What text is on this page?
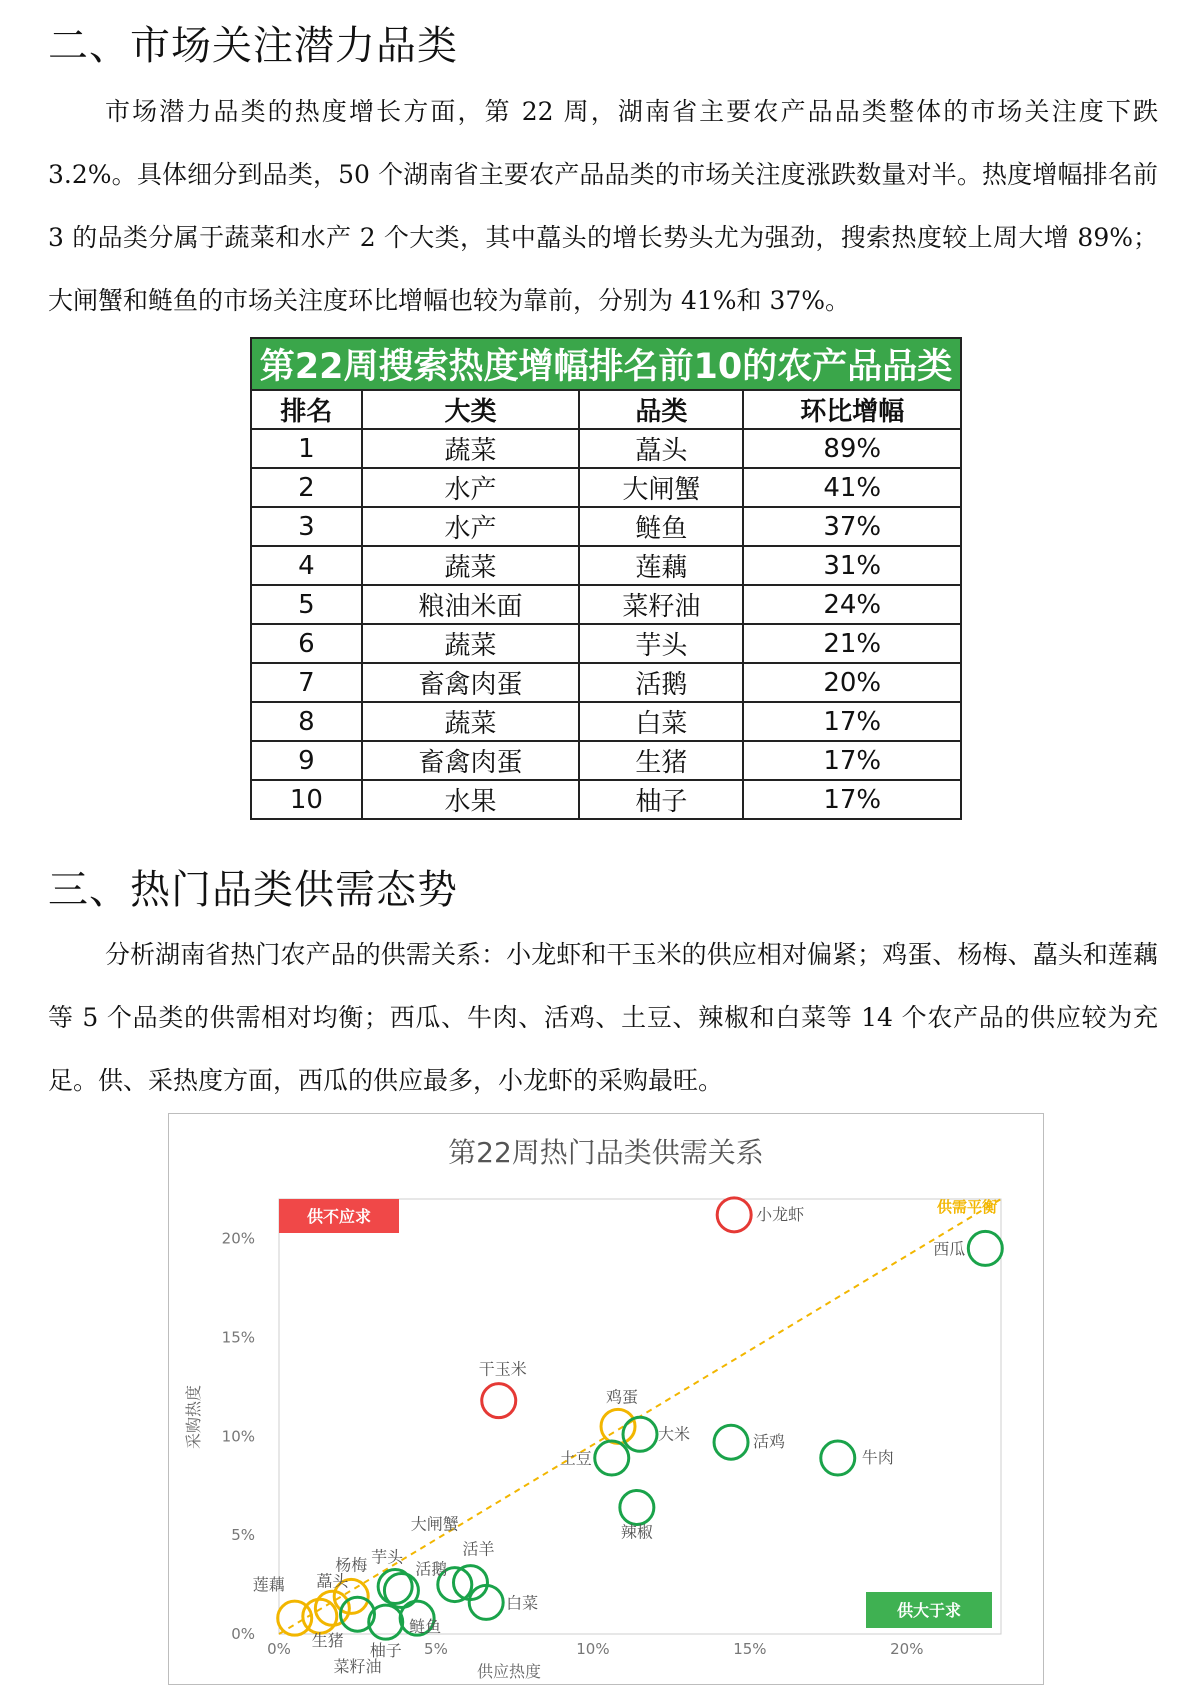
二、市场关注潜力品类

市场潜力品类的热度增长方面，第 22 周，湖南省主要农产品品类整体的市场关注度下跌 3.2%。具体细分到品类，50 个湖南省主要农产品品类的市场关注度涨跌数量对半。热度增幅排名前 3 的品类分属于蔬菜和水产 2 个大类，其中藠头的增长势头尤为强劲，搜索热度较上周大增 89%；大闸蟹和鲢鱼的市场关注度环比增幅也较为靠前，分别为 41%和 37%。

第22周搜索热度增幅排名前10的农产品品类			
排名	大类	品类	环比增幅
1	蔬菜	藠头	89%
2	水产	大闸蟹	41%
3	水产	鲢鱼	37%
4	蔬菜	莲藕	31%
5	粮油米面	菜籽油	24%
6	蔬菜	芋头	21%
7	畜禽肉蛋	活鹅	20%
8	蔬菜	白菜	17%
9	畜禽肉蛋	生猪	17%
10	水果	柚子	17%
三、热门品类供需态势

分析湖南省热门农产品的供需关系：小龙虾和干玉米的供应相对偏紧；鸡蛋、杨梅、藠头和莲藕等 5 个品类的供需相对均衡；西瓜、牛肉、活鸡、土豆、辣椒和白菜等 14 个农产品的供应较为充足。供、采热度方面，西瓜的供应最多，小龙虾的采购最旺。

第22周热门品类供需关系
供不应求
供大于求
供需平衡
0%	5%	10%	15%	20%
0%
5%
10%
15%
20%
小龙虾
西瓜
干玉米
鸡蛋
大米	活鸡
牛肉
土豆
辣椒
大闸蟹
活羊
芋头
活鹅
白菜
杨梅
藠头
莲藕
生猪
菜籽油
柚子
鲢鱼
供应热度
采购热度
